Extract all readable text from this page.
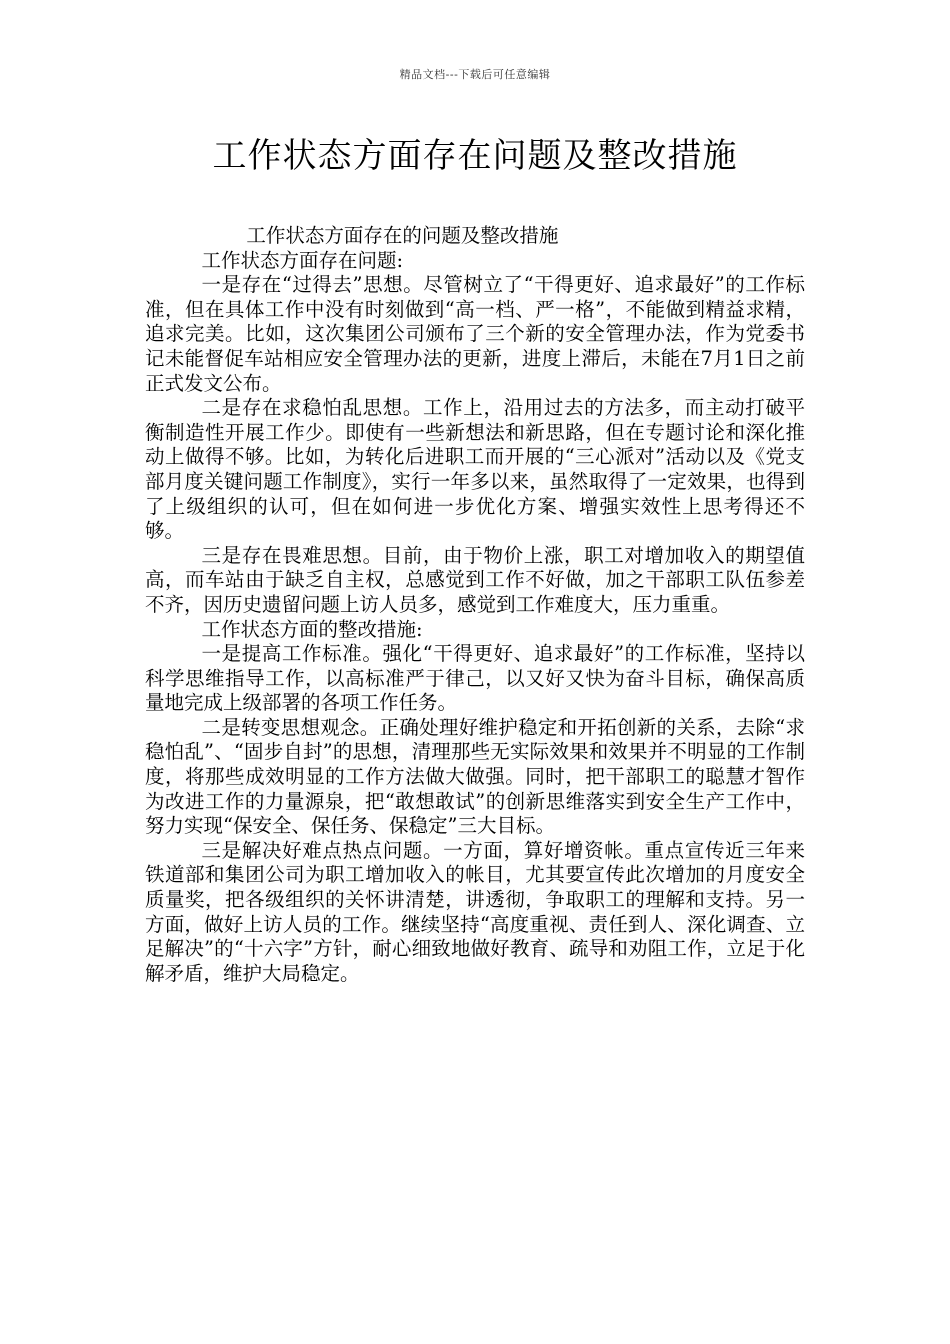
精品文档---下载后可任意编辑
工作状态方面存在问题及整改措施

工作状态方面存在的问题及整改措施

工作状态方面存在问题:

一是存在“过得去”思想。尽管树立了“干得更好、追求最好”的工作标准，但在具体工作中没有时刻做到“高一档、严一格”，不能做到精益求精，追求完美。比如，这次集团公司颁布了三个新的安全管理办法，作为党委书记未能督促车站相应安全管理办法的更新，进度上滞后，未能在7月1日之前正式发文公布。

二是存在求稳怕乱思想。工作上，沿用过去的方法多，而主动打破平衡制造性开展工作少。即使有一些新想法和新思路，但在专题讨论和深化推动上做得不够。比如，为转化后进职工而开展的“三心派对”活动以及《党支部月度关键问题工作制度》，实行一年多以来，虽然取得了一定效果，也得到了上级组织的认可，但在如何进一步优化方案、增强实效性上思考得还不够。

三是存在畏难思想。目前，由于物价上涨，职工对增加收入的期望值高，而车站由于缺乏自主权，总感觉到工作不好做，加之干部职工队伍参差不齐，因历史遗留问题上访人员多，感觉到工作难度大，压力重重。

工作状态方面的整改措施:

一是提高工作标准。强化“干得更好、追求最好”的工作标准，坚持以科学思维指导工作，以高标准严于律己，以又好又快为奋斗目标，确保高质量地完成上级部署的各项工作任务。

二是转变思想观念。正确处理好维护稳定和开拓创新的关系，去除“求稳怕乱”、“固步自封”的思想，清理那些无实际效果和效果并不明显的工作制度，将那些成效明显的工作方法做大做强。同时，把干部职工的聪慧才智作为改进工作的力量源泉，把“敢想敢试”的创新思维落实到安全生产工作中，努力实现“保安全、保任务、保稳定”三大目标。

三是解决好难点热点问题。一方面，算好增资帐。重点宣传近三年来铁道部和集团公司为职工增加收入的帐目，尤其要宣传此次增加的月度安全质量奖，把各级组织的关怀讲清楚，讲透彻，争取职工的理解和支持。另一方面，做好上访人员的工作。继续坚持“高度重视、责任到人、深化调查、立足解决”的“十六字”方针，耐心细致地做好教育、疏导和劝阻工作，立足于化解矛盾，维护大局稳定。
